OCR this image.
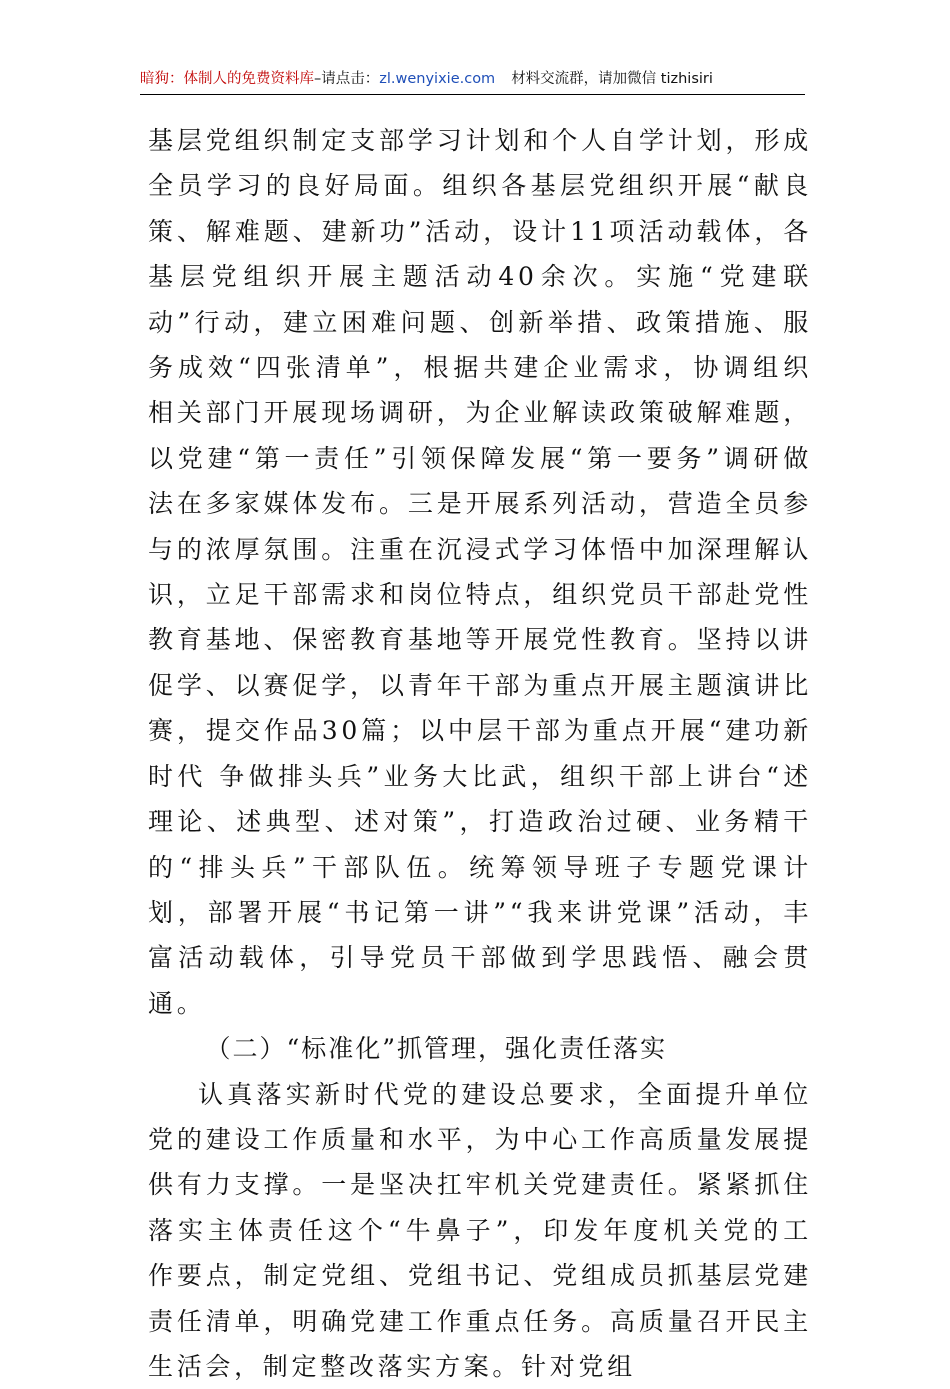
暗狗：体制人的免费资料库–请点击：zl.wenyixie.com 材料交流群，请加微信 tizhisiri

基层党组织制定支部学习计划和个人自学计划，形成全员学习的良好局面。组织各基层党组织开展“献良策、解难题、建新功”活动，设计11项活动载体，各基层党组织开展主题活动40余次。实施“党建联动”行动，建立困难问题、创新举措、政策措施、服务成效“四张清单”，根据共建企业需求，协调组织相关部门开展现场调研，为企业解读政策破解难题，以党建“第一责任”引领保障发展“第一要务”调研做法在多家媒体发布。三是开展系列活动，营造全员参与的浓厚氛围。注重在沉浸式学习体悟中加深理解认识，立足干部需求和岗位特点，组织党员干部赴党性教育基地、保密教育基地等开展党性教育。坚持以讲促学、以赛促学，以青年干部为重点开展主题演讲比赛，提交作品30篇；以中层干部为重点开展“建功新时代 争做排头兵”业务大比武，组织干部上讲台“述理论、述典型、述对策”，打造政治过硬、业务精干的“排头兵”干部队伍。统筹领导班子专题党课计划，部署开展“书记第一讲”“我来讲党课”活动，丰富活动载体，引导党员干部做到学思践悟、融会贯通。

（二）“标准化”抓管理，强化责任落实

认真落实新时代党的建设总要求，全面提升单位党的建设工作质量和水平，为中心工作高质量发展提供有力支撑。一是坚决扛牢机关党建责任。紧紧抓住落实主体责任这个“牛鼻子”，印发年度机关党的工作要点，制定党组、党组书记、党组成员抓基层党建责任清单，明确党建工作重点任务。高质量召开民主生活会，制定整改落实方案。针对党组
